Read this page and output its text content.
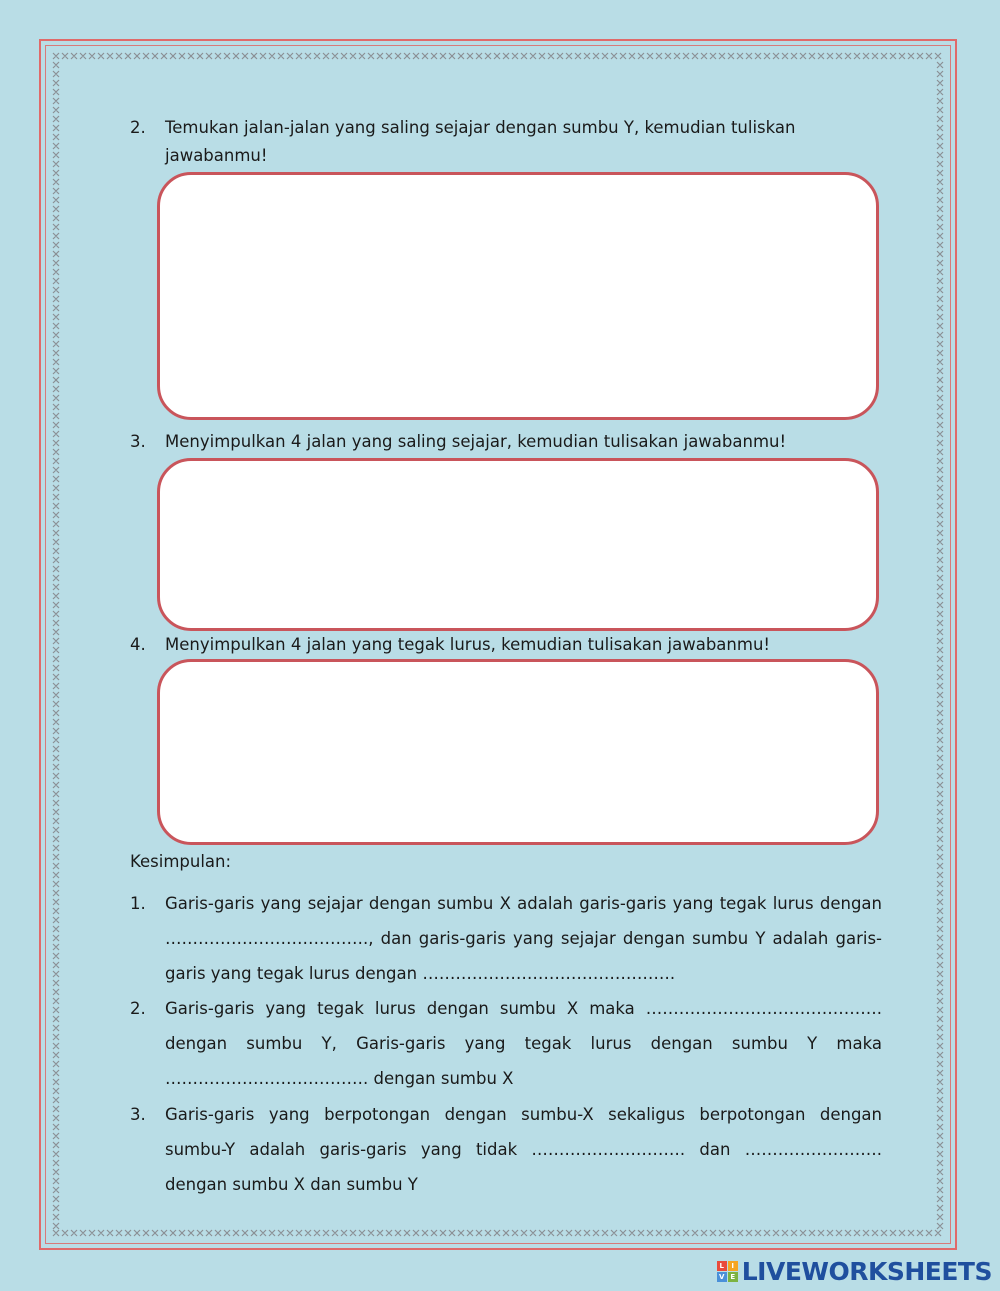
2. Temukan jalan-jalan yang saling sejajar dengan sumbu Y, kemudian tuliskan jawabanmu!
3. Menyimpulkan 4 jalan yang saling sejajar, kemudian tulisakan jawabanmu!
4. Menyimpulkan 4 jalan yang tegak lurus, kemudian tulisakan jawabanmu!
Kesimpulan:
1. Garis-garis yang sejajar dengan sumbu X adalah garis-garis yang tegak lurus dengan ………………………………., dan garis-garis yang sejajar dengan sumbu Y adalah garis-garis yang tegak lurus dengan ……………………………………….
2. Garis-garis yang tegak lurus dengan sumbu X maka ……………………………………. dengan sumbu Y, Garis-garis yang tegak lurus dengan sumbu Y maka ………………………………. dengan sumbu X
3. Garis-garis yang berpotongan dengan sumbu-X sekaligus berpotongan dengan sumbu-Y adalah garis-garis yang tidak ………………………. dan ……………………. dengan sumbu X dan sumbu Y
L	I
V E LIVEWORKSHEETS
